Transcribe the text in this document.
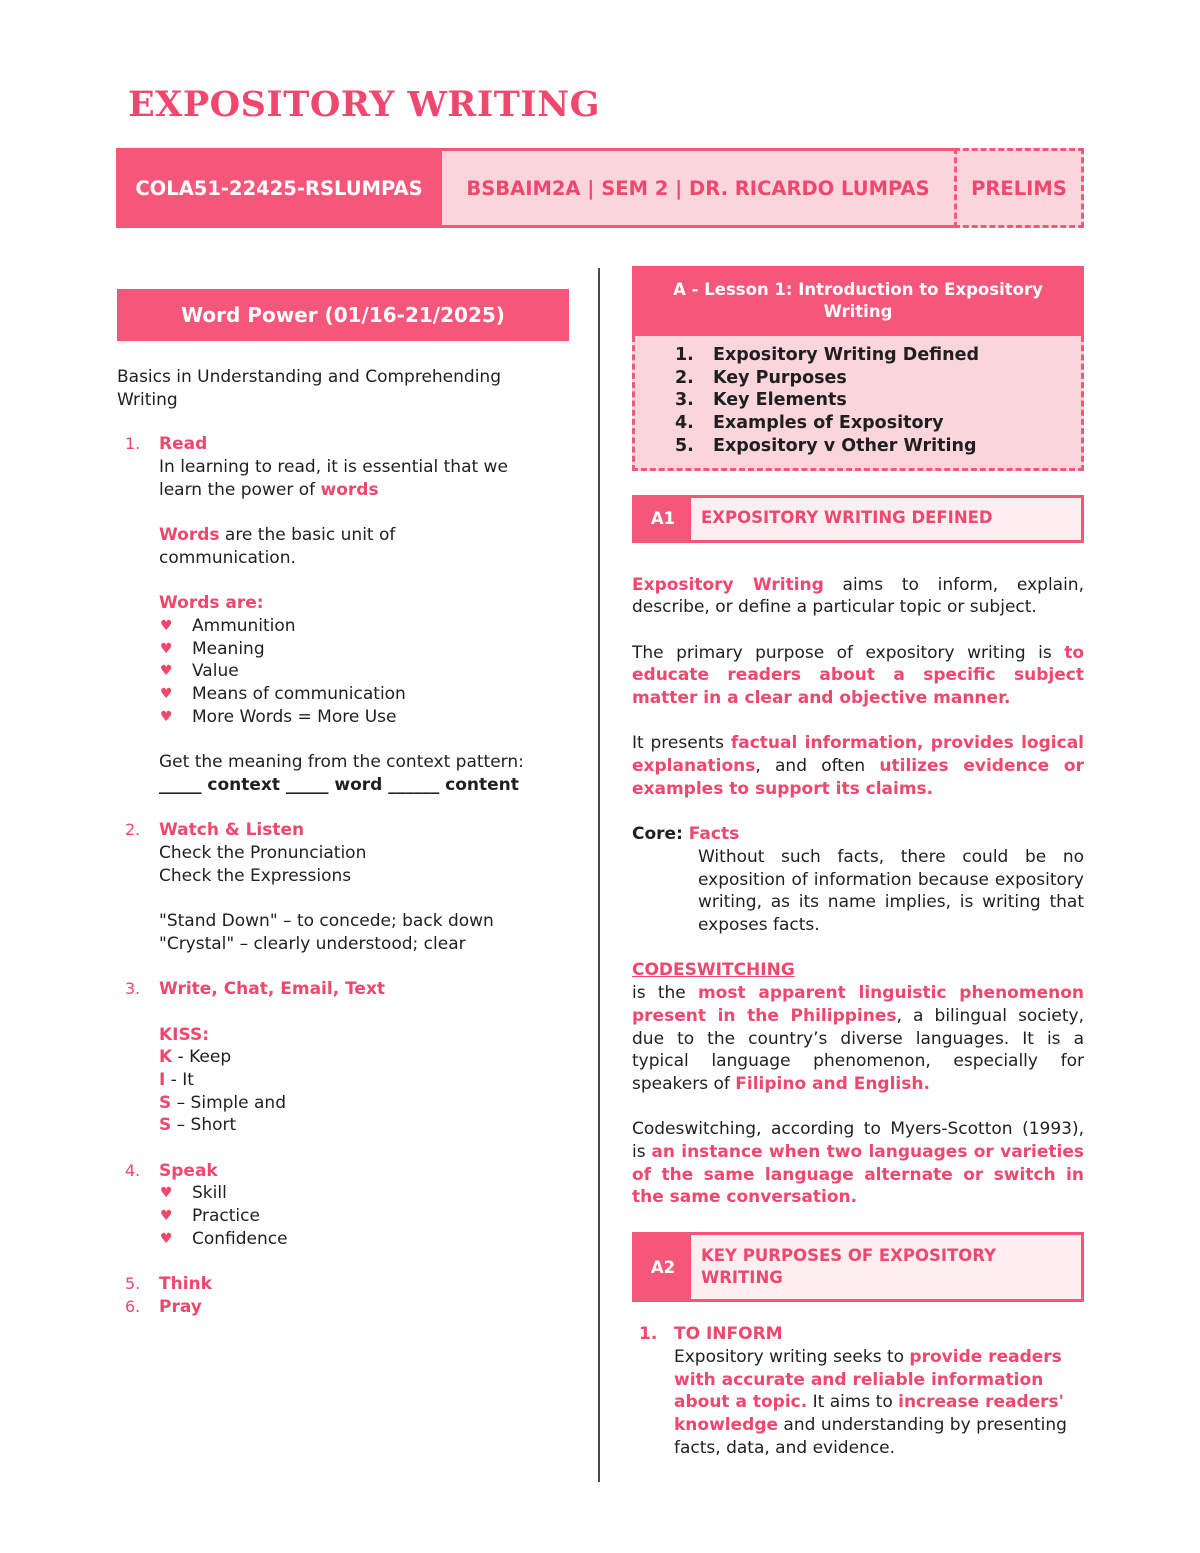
EXPOSITORY WRITING
COLA51-22425-RSLUMPAS	BSBAIM2A | SEM 2 | DR. RICARDO LUMPAS	PRELIMS
Word Power (01/16-21/2025)
Basics in Understanding and Comprehending
Writing
1. Read
In learning to read, it is essential that we
learn the power of words
Words are the basic unit of
communication.
Words are:
♥ Ammunition
♥ Meaning
♥ Value
♥ Means of communication
♥ More Words = More Use
Get the meaning from the context pattern:
_____ context _____ word ______ content
2. Watch & Listen
Check the Pronunciation
Check the Expressions
"Stand Down" – to concede; back down
"Crystal" – clearly understood; clear
3. Write, Chat, Email, Text
KISS:
K - Keep
I - It
S – Simple and
S – Short
4. Speak
♥ Skill
♥ Practice
♥ Confidence
5. Think
6. Pray
A - Lesson 1: Introduction to Expository Writing
1. Expository Writing Defined
2. Key Purposes
3. Key Elements
4. Examples of Expository
5. Expository v Other Writing
A1	EXPOSITORY WRITING DEFINED
Expository Writing aims to inform, explain, describe, or define a particular topic or subject.
The primary purpose of expository writing is to educate readers about a specific subject matter in a clear and objective manner.
It presents factual information, provides logical explanations, and often utilizes evidence or examples to support its claims.
Core: Facts
Without such facts, there could be no exposition of information because expository writing, as its name implies, is writing that exposes facts.
CODESWITCHING
is the most apparent linguistic phenomenon present in the Philippines, a bilingual society, due to the country’s diverse languages. It is a typical language phenomenon, especially for speakers of Filipino and English.
Codeswitching, according to Myers-Scotton (1993), is an instance when two languages or varieties of the same language alternate or switch in the same conversation.
A2
KEY PURPOSES OF EXPOSITORY WRITING
1. TO INFORM
Expository writing seeks to provide readers with accurate and reliable information about a topic. It aims to increase readers' knowledge and understanding by presenting facts, data, and evidence.
